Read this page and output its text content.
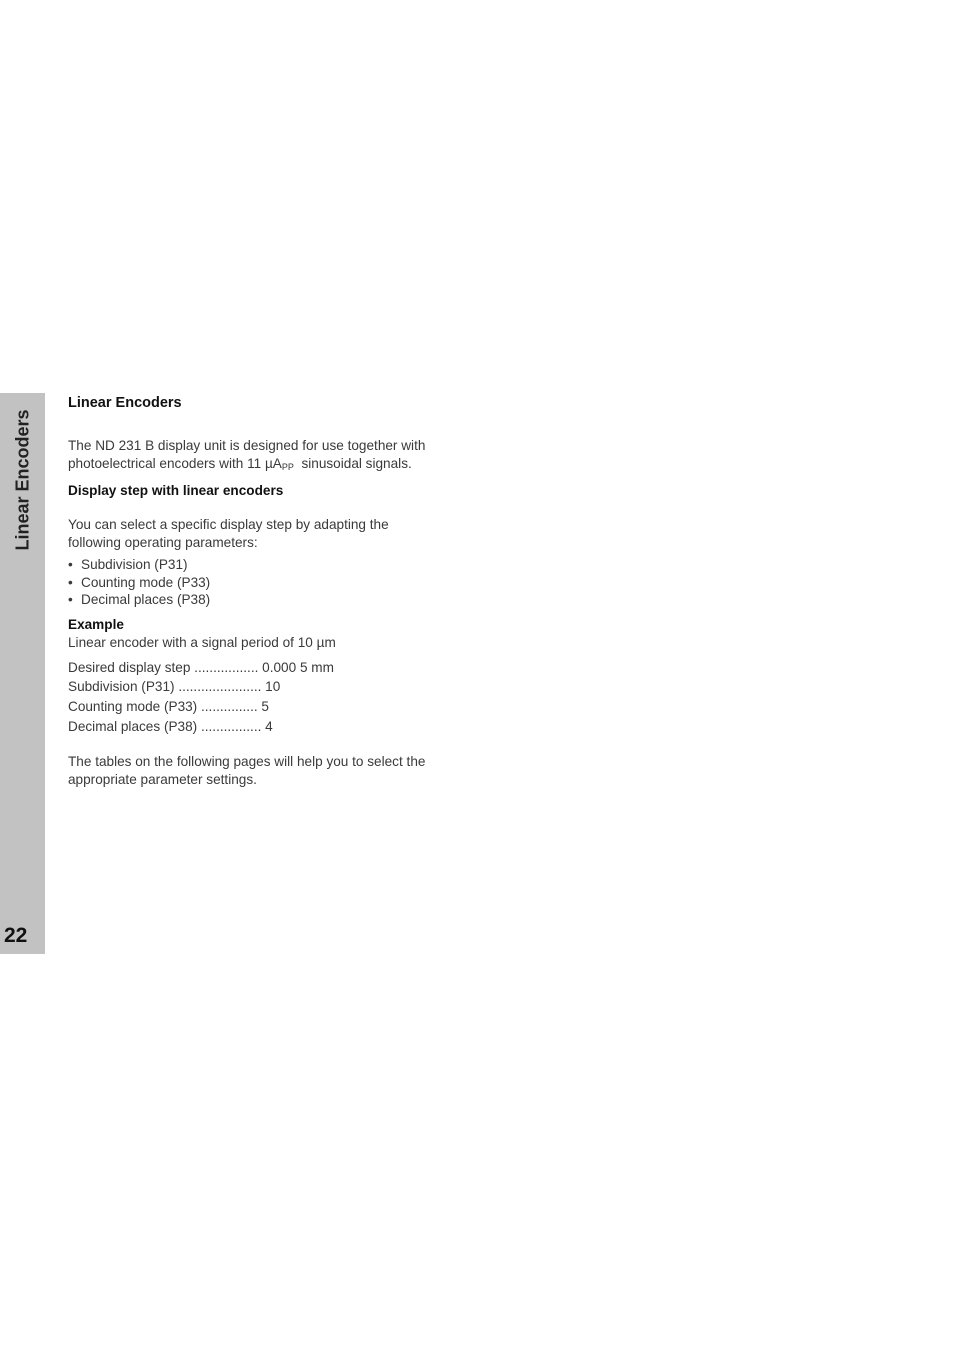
Linear Encoders
22
Linear Encoders

The ND 231 B display unit is designed for use together with

photoelectrical encoders with 11 µA$_{PP}$  sinusoidal signals.

Display step with linear encoders

You can select a specific display step by adapting the

following operating parameters:

• Subdivision (P31)
• Counting mode (P33)
• Decimal places (P38)
Example

Linear encoder with a signal period of 10 µm

Desired display step ................. 0.000 5 mm
Subdivision (P31) ...................... 10
Counting mode (P33) ............... 5
Decimal places (P38) ................ 4

The tables on the following pages will help you to select the

appropriate parameter settings.
